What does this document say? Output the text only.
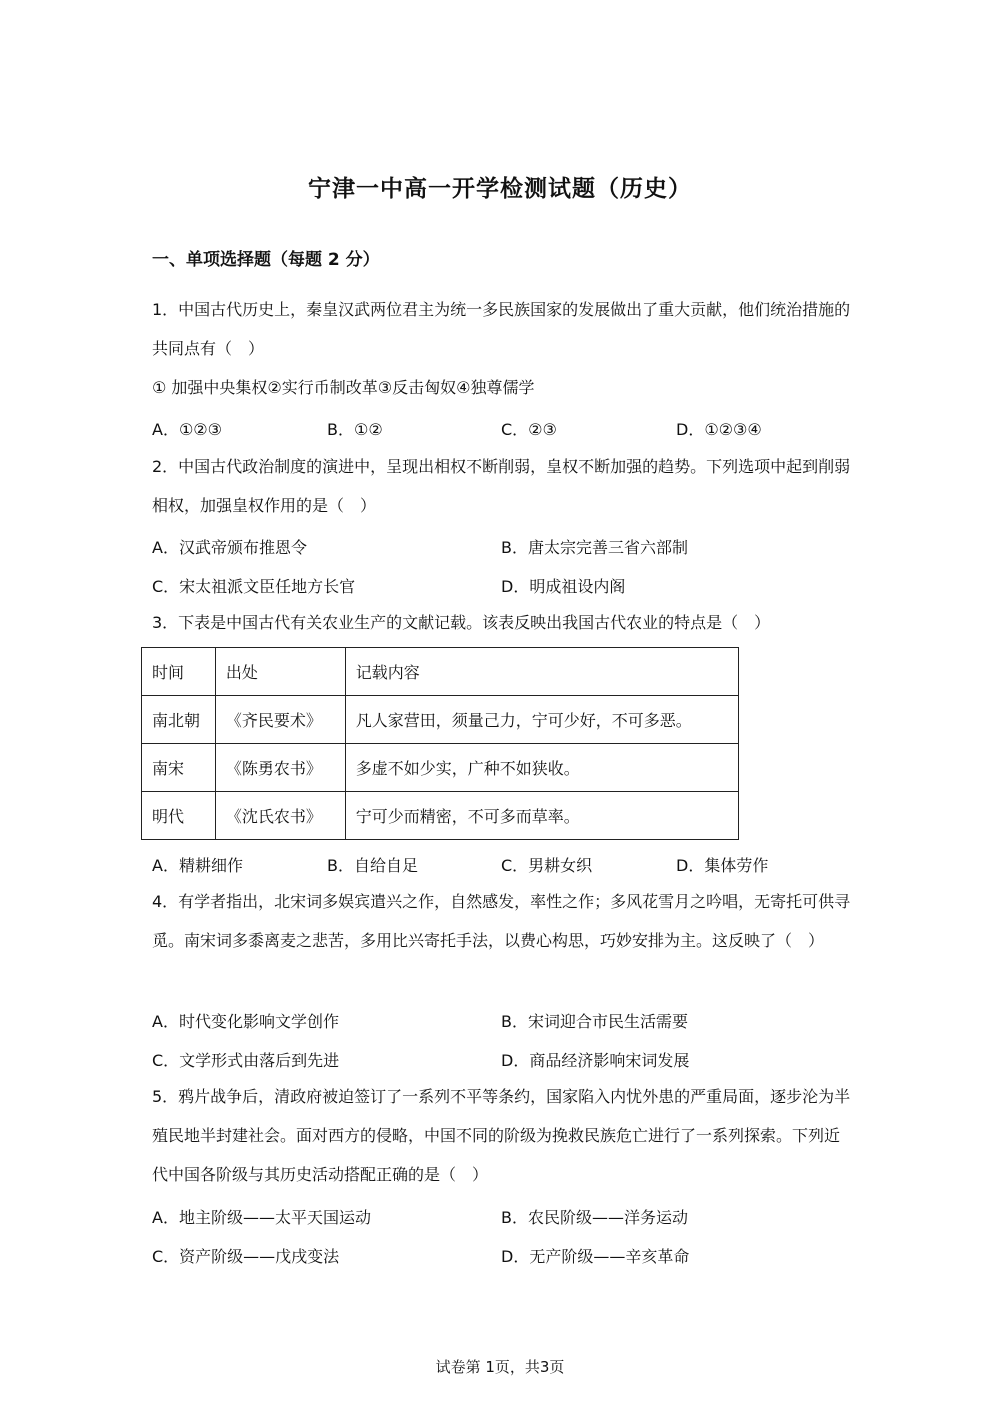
宁津一中高一开学检测试题（历史）
一、单项选择题（每题 2 分）
1．中国古代历史上，秦皇汉武两位君主为统一多民族国家的发展做出了重大贡献，他们统治措施的共同点有（　）
① 加强中央集权②实行币制改革③反击匈奴④独尊儒学
A．①②③	B．①②	C．②③	D．①②③④
2．中国古代政治制度的演进中，呈现出相权不断削弱，皇权不断加强的趋势。下列选项中起到削弱相权，加强皇权作用的是（　）
A．汉武帝颁布推恩令	B．唐太宗完善三省六部制
C．宋太祖派文臣任地方长官	D．明成祖设内阁
3．下表是中国古代有关农业生产的文献记载。该表反映出我国古代农业的特点是（　）
时间	出处	记载内容
南北朝	《齐民要术》	凡人家营田，须量己力，宁可少好，不可多恶。
南宋	《陈勇农书》	多虚不如少实，广种不如狭收。
明代	《沈氏农书》	宁可少而精密，不可多而草率。
A．精耕细作	B．自给自足	C．男耕女织	D．集体劳作
4．有学者指出，北宋词多娱宾遣兴之作，自然感发，率性之作；多风花雪月之吟唱，无寄托可供寻觅。南宋词多黍离麦之悲苦，多用比兴寄托手法，以费心构思，巧妙安排为主。这反映了（　）
A．时代变化影响文学创作	B．宋词迎合市民生活需要
C．文学形式由落后到先进	D．商品经济影响宋词发展
5．鸦片战争后，清政府被迫签订了一系列不平等条约，国家陷入内忧外患的严重局面，逐步沦为半殖民地半封建社会。面对西方的侵略，中国不同的阶级为挽救民族危亡进行了一系列探索。下列近代中国各阶级与其历史活动搭配正确的是（　）
A．地主阶级——太平天国运动	B．农民阶级——洋务运动
C．资产阶级——戊戌变法	D．无产阶级——辛亥革命
试卷第 1页，共3页
